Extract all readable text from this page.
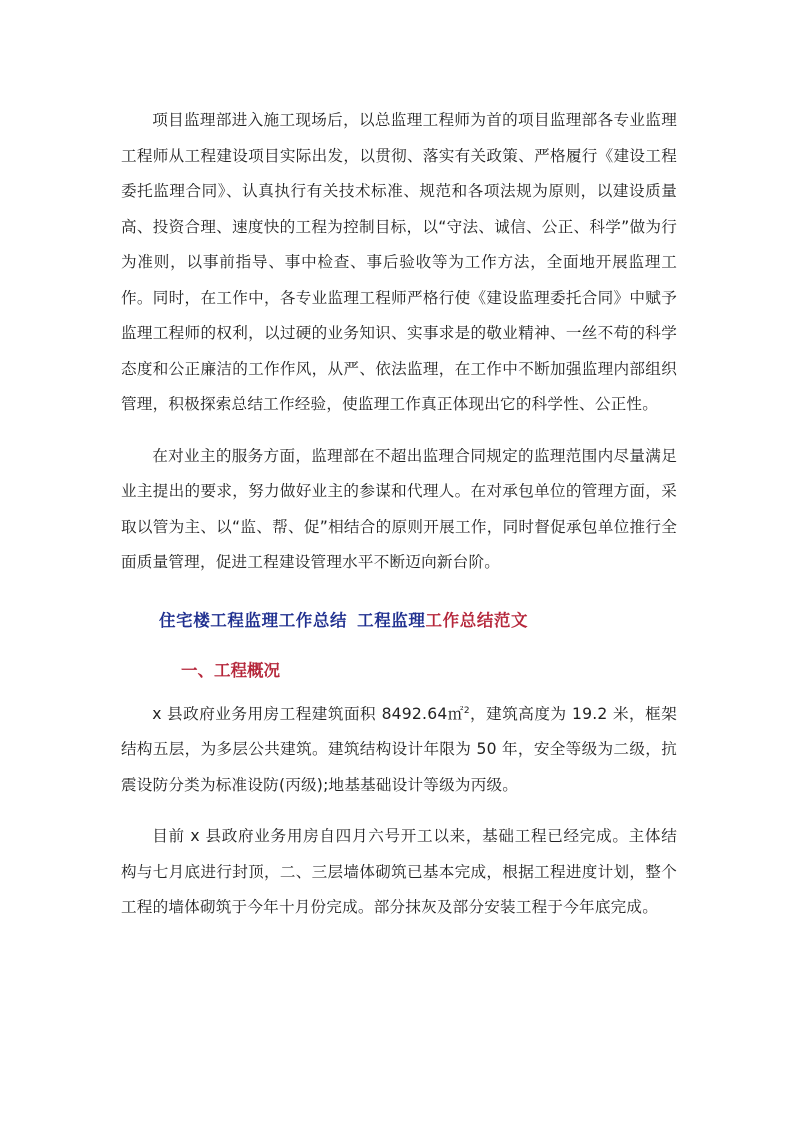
项目监理部进入施工现场后，以总监理工程师为首的项目监理部各专业监理工程师从工程建设项目实际出发，以贯彻、落实有关政策、严格履行《建设工程委托监理合同》、认真执行有关技术标准、规范和各项法规为原则，以建设质量高、投资合理、速度快的工程为控制目标，以“守法、诚信、公正、科学”做为行为准则，以事前指导、事中检查、事后验收等为工作方法，全面地开展监理工作。同时，在工作中，各专业监理工程师严格行使《建设监理委托合同》中赋予监理工程师的权利，以过硬的业务知识、实事求是的敬业精神、一丝不苟的科学态度和公正廉洁的工作作风，从严、依法监理，在工作中不断加强监理内部组织管理，积极探索总结工作经验，使监理工作真正体现出它的科学性、公正性。

在对业主的服务方面，监理部在不超出监理合同规定的监理范围内尽量满足业主提出的要求，努力做好业主的参谋和代理人。在对承包单位的管理方面，采取以管为主、以“监、帮、促”相结合的原则开展工作，同时督促承包单位推行全面质量管理，促进工程建设管理水平不断迈向新台阶。

住宅楼工程监理工作总结 工程监理工作总结范文
一、工程概况

x 县政府业务用房工程建筑面积 8492.64㎡$^2$，建筑高度为 19.2 米，框架结构五层，为多层公共建筑。建筑结构设计年限为 50 年，安全等级为二级，抗震设防分类为标准设防(丙级);地基基础设计等级为丙级。

目前 x 县政府业务用房自四月六号开工以来，基础工程已经完成。主体结构与七月底进行封顶，二、三层墙体砌筑已基本完成，根据工程进度计划，整个工程的墙体砌筑于今年十月份完成。部分抹灰及部分安装工程于今年底完成。
